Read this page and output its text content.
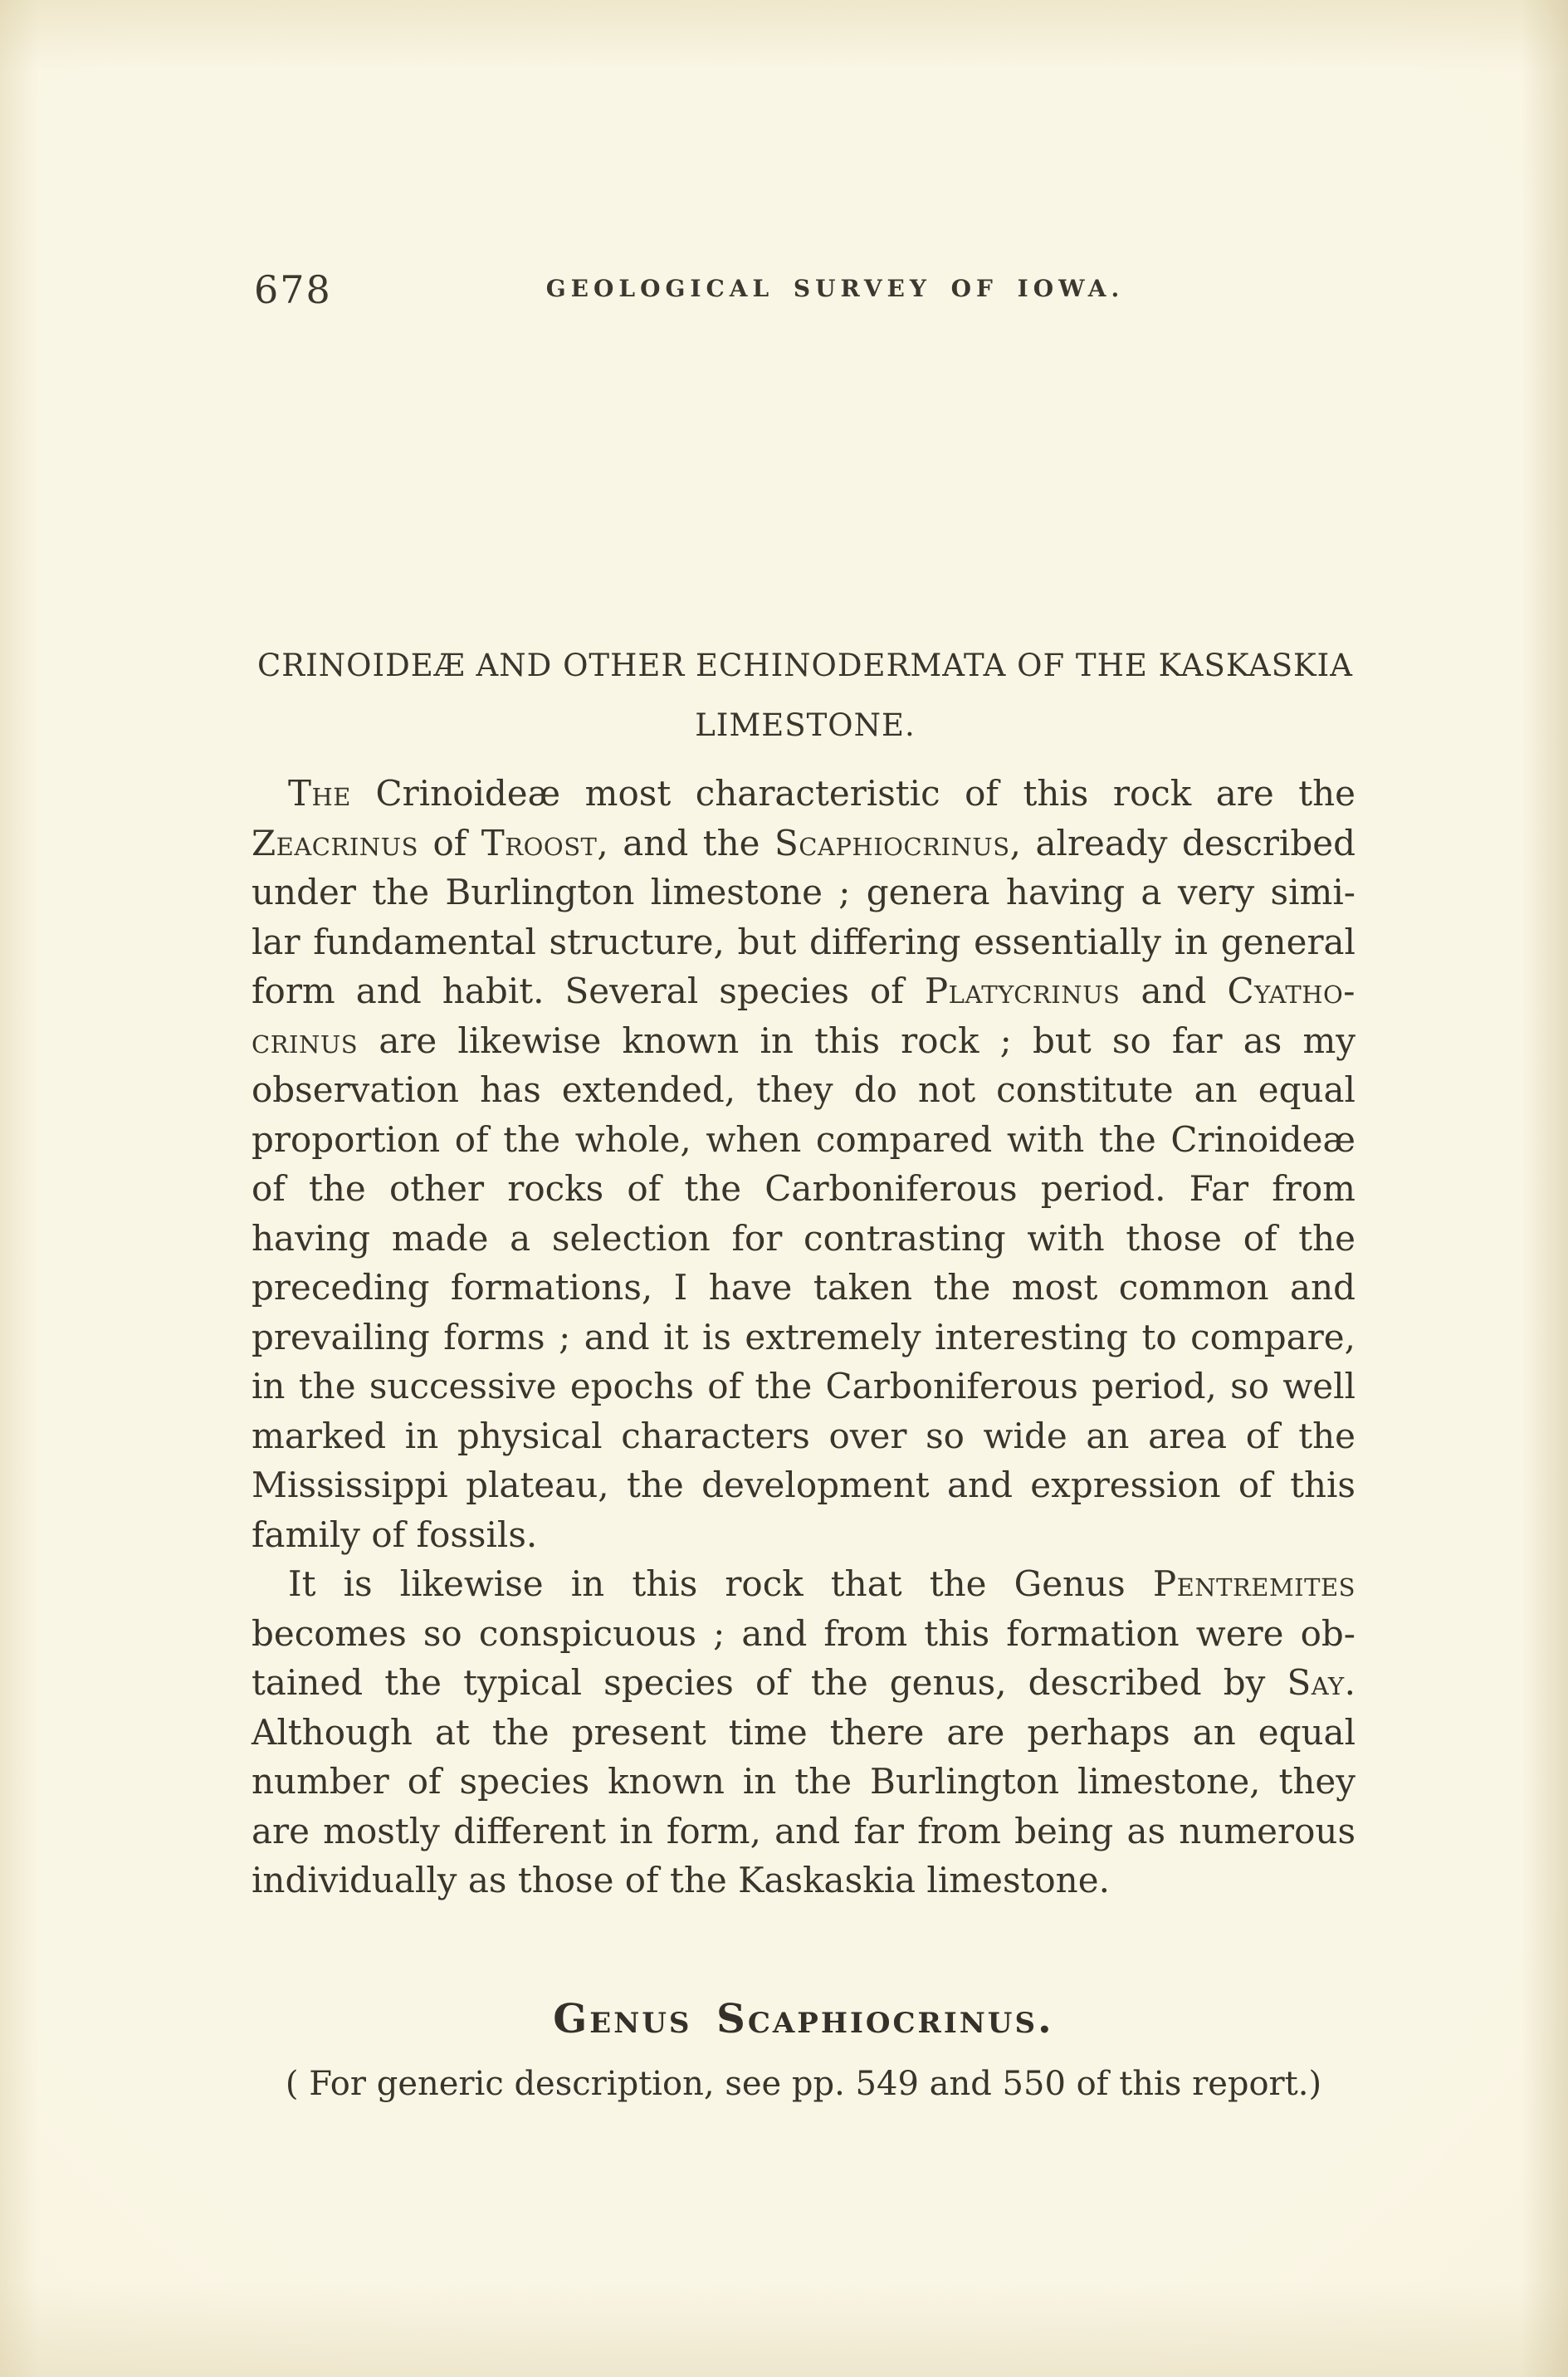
678	GEOLOGICAL SURVEY OF IOWA.
CRINOIDEÆ AND OTHER ECHINODERMATA OF THE KASKASKIA
LIMESTONE.
The Crinoideæ most characteristic of this rock are the
Zeacrinus of Troost, and the Scaphiocrinus, already described
under the Burlington limestone ; genera having a very simi-
lar fundamental structure, but differing essentially in general
form and habit. Several species of Platycrinus and Cyatho-
crinus are likewise known in this rock ; but so far as my
observation has extended, they do not constitute an equal
proportion of the whole, when compared with the Crinoideæ
of the other rocks of the Carboniferous period. Far from
having made a selection for contrasting with those of the
preceding formations, I have taken the most common and
prevailing forms ; and it is extremely interesting to compare,
in the successive epochs of the Carboniferous period, so well
marked in physical characters over so wide an area of the
Mississippi plateau, the development and expression of this
family of fossils.
It is likewise in this rock that the Genus Pentremites
becomes so conspicuous ; and from this formation were ob-
tained the typical species of the genus, described by Say.
Although at the present time there are perhaps an equal
number of species known in the Burlington limestone, they
are mostly different in form, and far from being as numerous
individually as those of the Kaskaskia limestone.
Genus Scaphiocrinus.
( For generic description, see pp. 549 and 550 of this report.)
